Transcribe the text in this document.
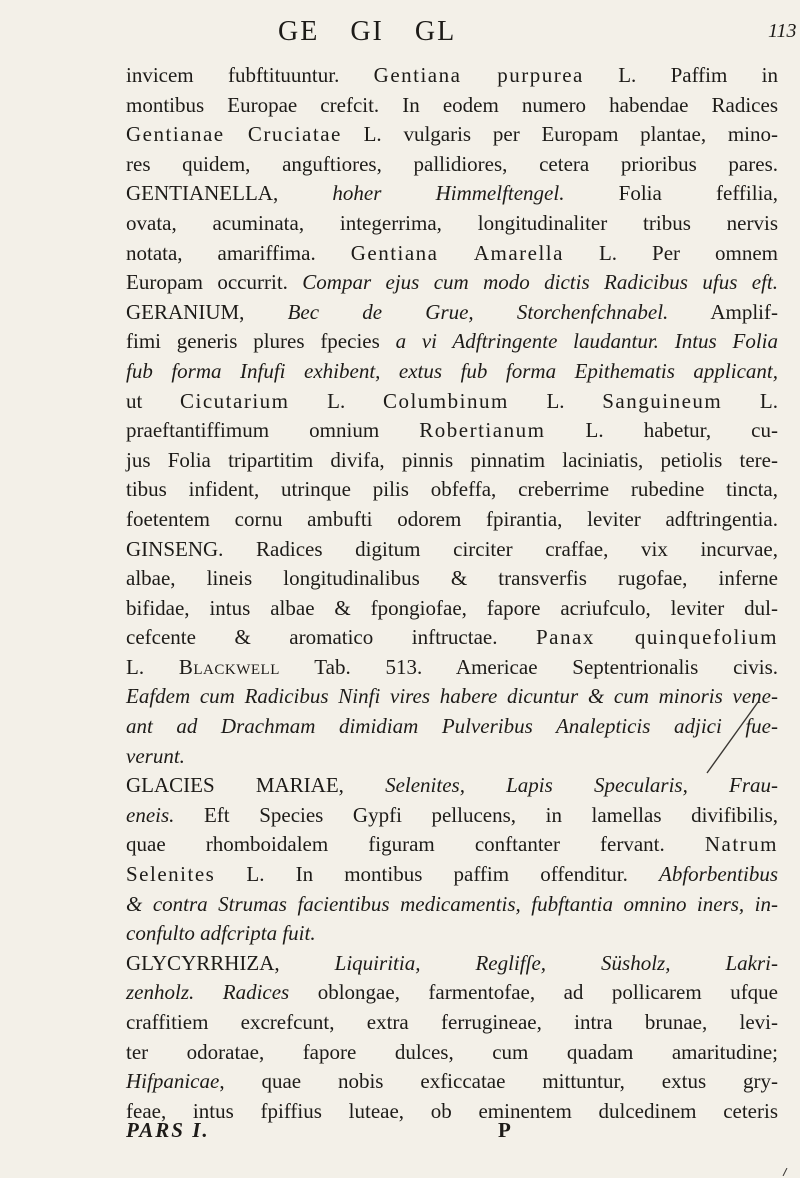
GE GI GL	113
invicem fubftituuntur. Gentiana purpurea L. Paffim in
montibus Europae crefcit. In eodem numero habendae Radices
Gentianae Cruciatae L. vulgaris per Europam plantae, mino-
res quidem, anguftiores, pallidiores, cetera prioribus pares.
GENTIANELLA, hoher Himmelftengel. Folia feffilia,
ovata, acuminata, integerrima, longitudinaliter tribus nervis
notata, amariffima. Gentiana Amarella L. Per omnem
Europam occurrit. Compar ejus cum modo dictis Radicibus ufus eft.
GERANIUM, Bec de Grue, Storchenfchnabel. Amplif-
fimi generis plures fpecies a vi Adftringente laudantur. Intus Folia
fub forma Infufi exhibent, extus fub forma Epithematis applicant,
ut Cicutarium L. Columbinum L. Sanguineum L.
praeftantiffimum omnium Robertianum L. habetur, cu-
jus Folia tripartitim divifa, pinnis pinnatim laciniatis, petiolis tere-
tibus infident, utrinque pilis obfeffa, creberrime rubedine tincta,
foetentem cornu ambufti odorem fpirantia, leviter adftringentia.
GINSENG. Radices digitum circiter craffae, vix incurvae,
albae, lineis longitudinalibus & transverfis rugofae, inferne
bifidae, intus albae & fpongiofae, fapore acriufculo, leviter dul-
cefcente & aromatico inftructae. Panax quinquefolium
L. Blackwell Tab. 513. Americae Septentrionalis civis.
Eafdem cum Radicibus Ninfi vires habere dicuntur & cum minoris vene-
ant ad Drachmam dimidiam Pulveribus Analepticis adjici fue-
verunt.
GLACIES MARIAE, Selenites, Lapis Specularis, Frau-
eneis. Eft Species Gypfi pellucens, in lamellas divifibilis,
quae rhomboidalem figuram conftanter fervant. Natrum
Selenites L. In montibus paffim offenditur. Abforbentibus
& contra Strumas facientibus medicamentis, fubftantia omnino iners, in-
confulto adfcripta fuit.
GLYCYRRHIZA, Liquiritia, Reglifſe, Süsholz, Lakri-
zenholz. Radices oblongae, farmentofae, ad pollicarem ufque
craffitiem excrefcunt, extra ferrugineae, intra brunae, levi-
ter odoratae, fapore dulces, cum quadam amaritudine;
Hifpanicae, quae nobis exficcatae mittuntur, extus gry-
feae, intus fpiffius luteae, ob eminentem dulcedinem ceteris
PARS I.	P
